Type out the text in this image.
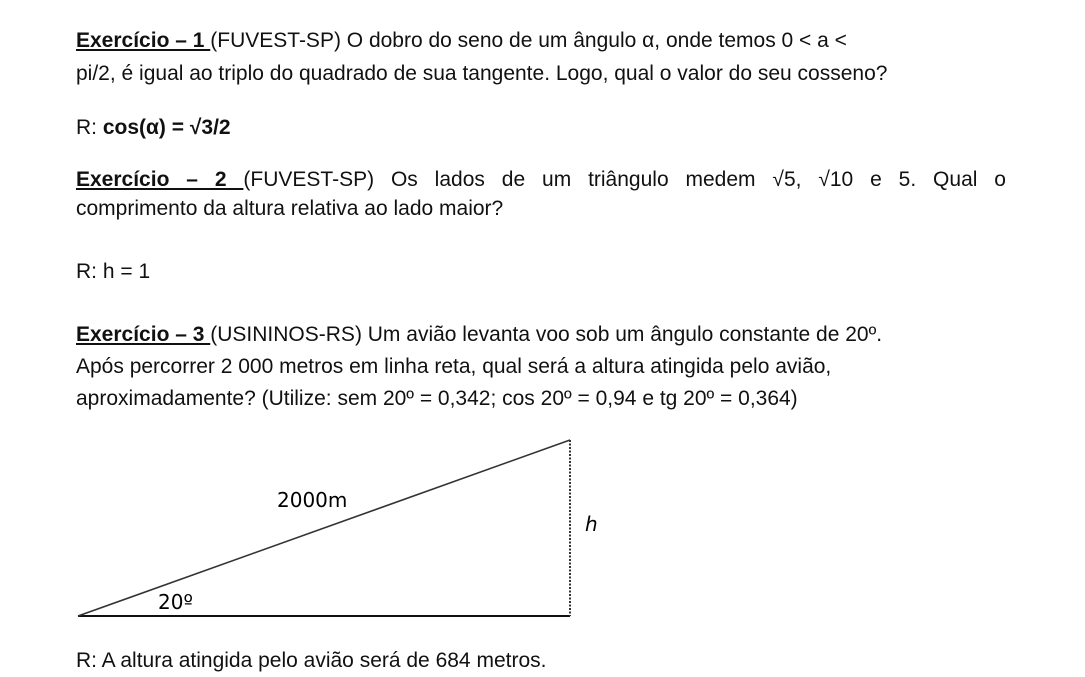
Exercício – 1 (FUVEST-SP) O dobro do seno de um ângulo α, onde temos 0 < a <

pi/2, é igual ao triplo do quadrado de sua tangente. Logo, qual o valor do seu cosseno?

R: cos(α) = √3/2

Exercício – 2 (FUVEST-SP) Os lados de um triângulo medem √5, √10 e 5. Qual o

comprimento da altura relativa ao lado maior?

R: h = 1

Exercício – 3 (USININOS-RS) Um avião levanta voo sob um ângulo constante de 20º.

Após percorrer 2 000 metros em linha reta, qual será a altura atingida pelo avião,

aproximadamente? (Utilize: sem 20º = 0,342; cos 20º = 0,94 e tg 20º = 0,364)

2000m
20º
h

R: A altura atingida pelo avião será de 684 metros.
